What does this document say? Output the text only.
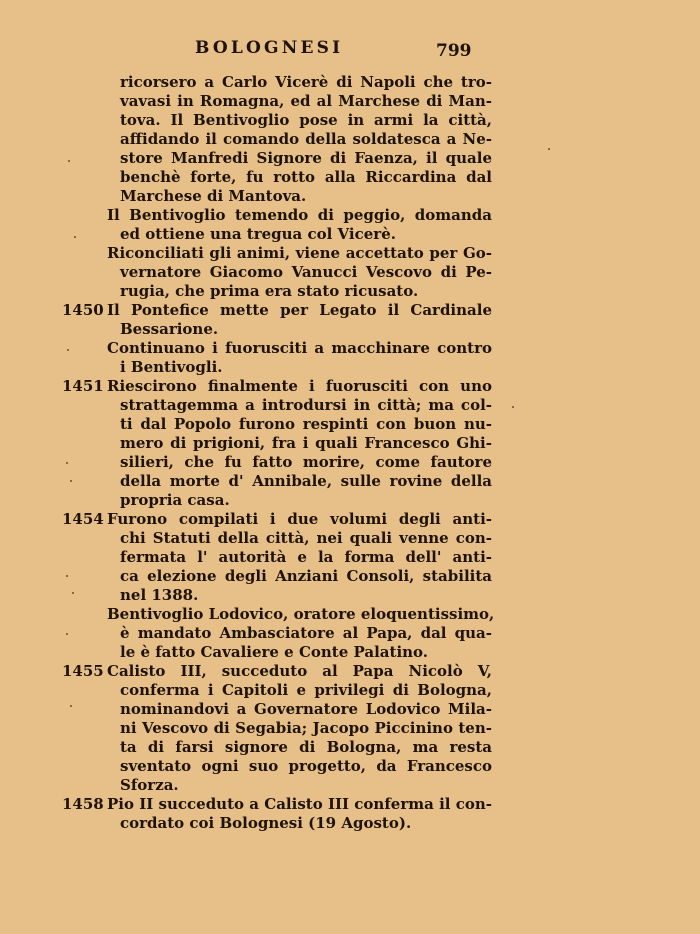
BOLOGNESI	799
ricorsero a Carlo Vicerè di Napoli che tro-
vavasi in Romagna, ed al Marchese di Man-
tova. Il Bentivoglio pose in armi la città,
affidando il comando della soldatesca a Ne-
store Manfredi Signore di Faenza, il quale
benchè forte, fu rotto alla Riccardina dal
Marchese di Mantova.
Il Bentivoglio temendo di peggio, domanda
ed ottiene una tregua col Vicerè.
Riconciliati gli animi, viene accettato per Go-
vernatore Giacomo Vanucci Vescovo di Pe-
rugia, che prima era stato ricusato.
1450 Il Pontefice mette per Legato il Cardinale
Bessarione.
Continuano i fuorusciti a macchinare contro
i Bentivogli.
1451 Riescirono finalmente i fuorusciti con uno
strattagemma a introdursi in città; ma col-
ti dal Popolo furono respinti con buon nu-
mero di prigioni, fra i quali Francesco Ghi-
silieri, che fu fatto morire, come fautore
della morte d' Annibale, sulle rovine della
propria casa.
1454 Furono compilati i due volumi degli anti-
chi Statuti della città, nei quali venne con-
fermata l' autorità e la forma dell' anti-
ca elezione degli Anziani Consoli, stabilita
nel 1388.
Bentivoglio Lodovico, oratore eloquentissimo,
è mandato Ambasciatore al Papa, dal qua-
le è fatto Cavaliere e Conte Palatino.
1455 Calisto III, succeduto al Papa Nicolò V,
conferma i Capitoli e privilegi di Bologna,
nominandovi a Governatore Lodovico Mila-
ni Vescovo di Segabia; Jacopo Piccinino ten-
ta di farsi signore di Bologna, ma resta
sventato ogni suo progetto, da Francesco
Sforza.
1458 Pio II succeduto a Calisto III conferma il con-
cordato coi Bolognesi (19 Agosto).
